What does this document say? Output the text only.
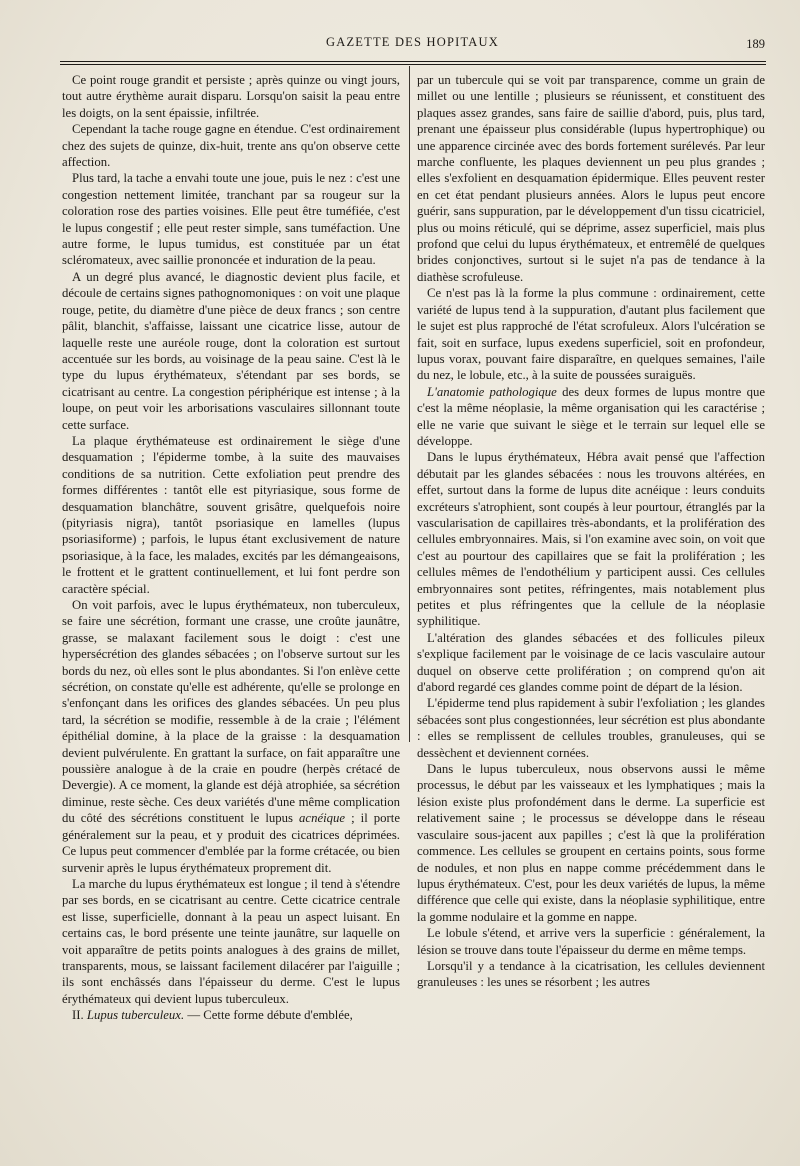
GAZETTE DES HOPITAUX	189

Ce point rouge grandit et persiste ; après quinze ou vingt jours, tout autre érythème aurait disparu. Lorsqu'on saisit la peau entre les doigts, on la sent épaissie, infiltrée.

Cependant la tache rouge gagne en étendue. C'est ordinairement chez des sujets de quinze, dix-huit, trente ans qu'on observe cette affection.

Plus tard, la tache a envahi toute une joue, puis le nez : c'est une congestion nettement limitée, tranchant par sa rougeur sur la coloration rose des parties voisines. Elle peut être tuméfiée, c'est le lupus congestif ; elle peut rester simple, sans tuméfaction. Une autre forme, le lupus tumidus, est constituée par un état scléromateux, avec saillie prononcée et induration de la peau.

A un degré plus avancé, le diagnostic devient plus facile, et découle de certains signes pathognomoniques : on voit une plaque rouge, petite, du diamètre d'une pièce de deux francs ; son centre pâlit, blanchit, s'affaisse, laissant une cicatrice lisse, autour de laquelle reste une auréole rouge, dont la coloration est surtout accentuée sur les bords, au voisinage de la peau saine. C'est là le type du lupus érythémateux, s'étendant par ses bords, se cicatrisant au centre. La congestion périphérique est intense ; à la loupe, on peut voir les arborisations vasculaires sillonnant toute cette surface.

La plaque érythémateuse est ordinairement le siège d'une desquamation ; l'épiderme tombe, à la suite des mauvaises conditions de sa nutrition. Cette exfoliation peut prendre des formes différentes : tantôt elle est pityriasique, sous forme de desquamation blanchâtre, souvent grisâtre, quelquefois noire (pityriasis nigra), tantôt psoriasique en lamelles (lupus psoriasiforme) ; parfois, le lupus étant exclusivement de nature psoriasique, à la face, les malades, excités par les démangeaisons, le frottent et le grattent continuellement, et lui font perdre son caractère spécial.

On voit parfois, avec le lupus érythémateux, non tuberculeux, se faire une sécrétion, formant une crasse, une croûte jaunâtre, grasse, se malaxant facilement sous le doigt : c'est une hypersécrétion des glandes sébacées ; on l'observe surtout sur les bords du nez, où elles sont le plus abondantes. Si l'on enlève cette sécrétion, on constate qu'elle est adhérente, qu'elle se prolonge en s'enfonçant dans les orifices des glandes sébacées. Un peu plus tard, la sécrétion se modifie, ressemble à de la craie ; l'élément épithélial domine, à la place de la graisse : la desquamation devient pulvérulente. En grattant la surface, on fait apparaître une poussière analogue à de la craie en poudre (herpès crétacé de Devergie). A ce moment, la glande est déjà atrophiée, sa sécrétion diminue, reste sèche. Ces deux variétés d'une même complication du côté des sécrétions constituent le lupus acnéique ; il porte généralement sur la peau, et y produit des cicatrices déprimées. Ce lupus peut commencer d'emblée par la forme crétacée, ou bien survenir après le lupus érythémateux proprement dit.

La marche du lupus érythémateux est longue ; il tend à s'étendre par ses bords, en se cicatrisant au centre. Cette cicatrice centrale est lisse, superficielle, donnant à la peau un aspect luisant. En certains cas, le bord présente une teinte jaunâtre, sur laquelle on voit apparaître de petits points analogues à des grains de millet, transparents, mous, se laissant facilement dilacérer par l'aiguille ; ils sont enchâssés dans l'épaisseur du derme. C'est le lupus érythémateux qui devient lupus tuberculeux.

II. Lupus tuberculeux. — Cette forme débute d'emblée,

par un tubercule qui se voit par transparence, comme un grain de millet ou une lentille ; plusieurs se réunissent, et constituent des plaques assez grandes, sans faire de saillie d'abord, puis, plus tard, prenant une épaisseur plus considérable (lupus hypertrophique) ou une apparence circinée avec des bords fortement surélevés. Par leur marche confluente, les plaques deviennent un peu plus grandes ; elles s'exfolient en desquamation épidermique. Elles peuvent rester en cet état pendant plusieurs années. Alors le lupus peut encore guérir, sans suppuration, par le développement d'un tissu cicatriciel, plus ou moins réticulé, qui se déprime, assez superficiel, mais plus profond que celui du lupus érythémateux, et entremêlé de quelques brides conjonctives, surtout si le sujet n'a pas de tendance à la diathèse scrofuleuse.

Ce n'est pas là la forme la plus commune : ordinairement, cette variété de lupus tend à la suppuration, d'autant plus facilement que le sujet est plus rapproché de l'état scrofuleux. Alors l'ulcération se fait, soit en surface, lupus exedens superficiel, soit en profondeur, lupus vorax, pouvant faire disparaître, en quelques semaines, l'aile du nez, le lobule, etc., à la suite de poussées suraiguës.

L'anatomie pathologique des deux formes de lupus montre que c'est la même néoplasie, la même organisation qui les caractérise ; elle ne varie que suivant le siège et le terrain sur lequel elle se développe.

Dans le lupus érythémateux, Hébra avait pensé que l'affection débutait par les glandes sébacées : nous les trouvons altérées, en effet, surtout dans la forme de lupus dite acnéique : leurs conduits excréteurs s'atrophient, sont coupés à leur pourtour, étranglés par la vascularisation de capillaires très-abondants, et la prolifération des cellules embryonnaires. Mais, si l'on examine avec soin, on voit que c'est au pourtour des capillaires que se fait la prolifération ; les cellules mêmes de l'endothélium y participent aussi. Ces cellules embryonnaires sont petites, réfringentes, mais notablement plus petites et plus réfringentes que la cellule de la néoplasie syphilitique.

L'altération des glandes sébacées et des follicules pileux s'explique facilement par le voisinage de ce lacis vasculaire autour duquel on observe cette prolifération ; on comprend qu'on ait d'abord regardé ces glandes comme point de départ de la lésion.

L'épiderme tend plus rapidement à subir l'exfoliation ; les glandes sébacées sont plus congestionnées, leur sécrétion est plus abondante : elles se remplissent de cellules troubles, granuleuses, qui se dessèchent et deviennent cornées.

Dans le lupus tuberculeux, nous observons aussi le même processus, le début par les vaisseaux et les lymphatiques ; mais la lésion existe plus profondément dans le derme. La superficie est relativement saine ; le processus se développe dans le réseau vasculaire sous-jacent aux papilles ; c'est là que la prolifération commence. Les cellules se groupent en certains points, sous forme de nodules, et non plus en nappe comme précédemment dans le lupus érythémateux. C'est, pour les deux variétés de lupus, la même différence que celle qui existe, dans la néoplasie syphilitique, entre la gomme nodulaire et la gomme en nappe.

Le lobule s'étend, et arrive vers la superficie : généralement, la lésion se trouve dans toute l'épaisseur du derme en même temps.

Lorsqu'il y a tendance à la cicatrisation, les cellules deviennent granuleuses : les unes se résorbent ; les autres
